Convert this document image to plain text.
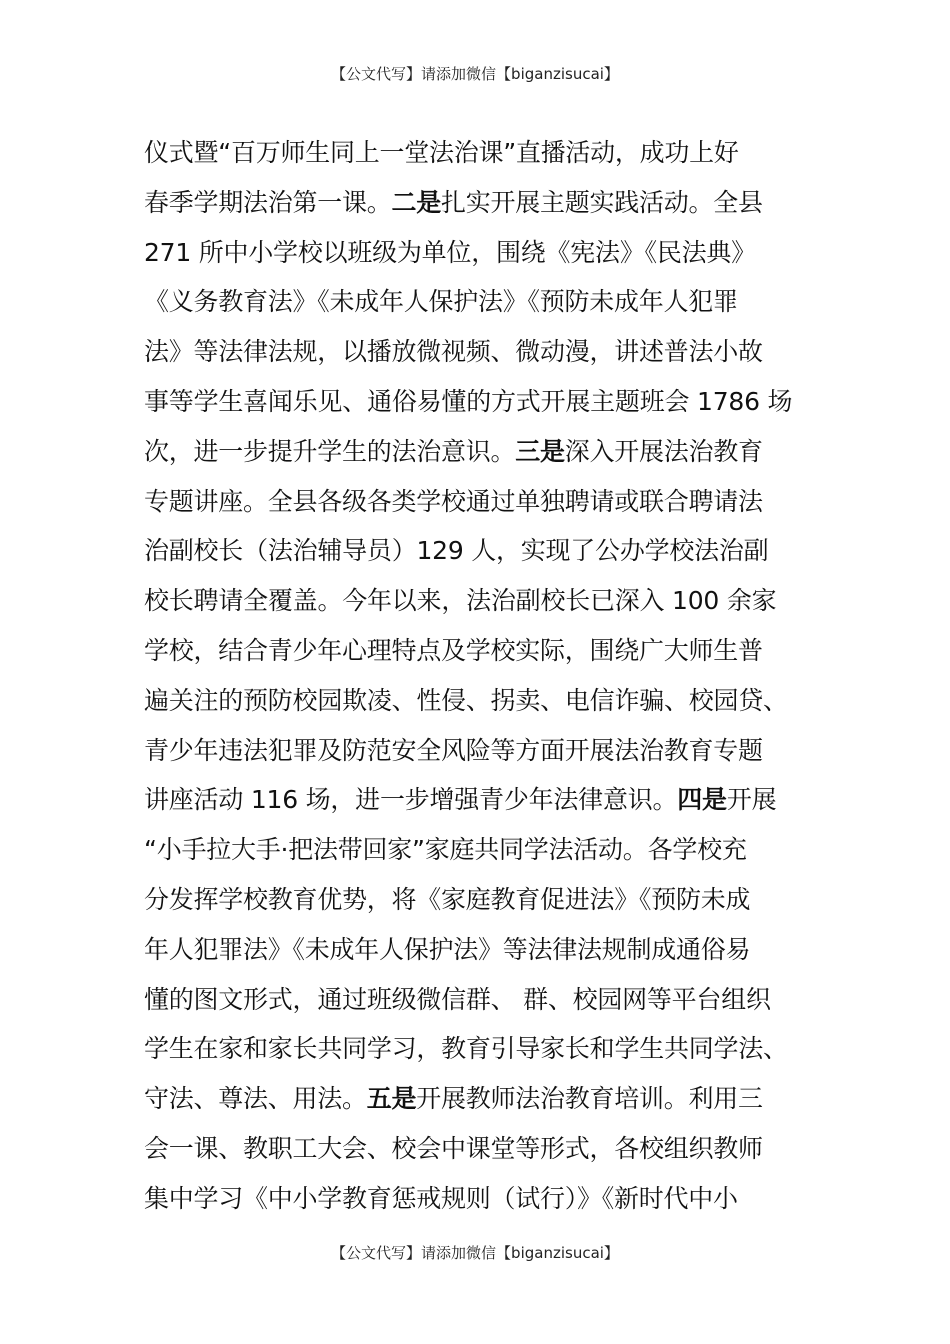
【公文代写】请添加微信【biganzisucai】
仪式暨“百万师生同上一堂法治课”直播活动，成功上好
春季学期法治第一课。二是扎实开展主题实践活动。全县
271 所中小学校以班级为单位，围绕《宪法》《民法典》
《义务教育法》《未成年人保护法》《预防未成年人犯罪
法》等法律法规，以播放微视频、微动漫，讲述普法小故
事等学生喜闻乐见、通俗易懂的方式开展主题班会 1786 场
次，进一步提升学生的法治意识。三是深入开展法治教育
专题讲座。全县各级各类学校通过单独聘请或联合聘请法
治副校长（法治辅导员）129 人，实现了公办学校法治副
校长聘请全覆盖。今年以来，法治副校长已深入 100 余家
学校，结合青少年心理特点及学校实际，围绕广大师生普
遍关注的预防校园欺凌、性侵、拐卖、电信诈骗、校园贷、
青少年违法犯罪及防范安全风险等方面开展法治教育专题
讲座活动 116 场，进一步增强青少年法律意识。四是开展
“小手拉大手·把法带回家”家庭共同学法活动。各学校充
分发挥学校教育优势，将《家庭教育促进法》《预防未成
年人犯罪法》《未成年人保护法》等法律法规制成通俗易
懂的图文形式，通过班级微信群、 群、校园网等平台组织
学生在家和家长共同学习，教育引导家长和学生共同学法、
守法、尊法、用法。五是开展教师法治教育培训。利用三
会一课、教职工大会、校会中课堂等形式，各校组织教师
集中学习《中小学教育惩戒规则（试行）》《新时代中小
【公文代写】请添加微信【biganzisucai】
